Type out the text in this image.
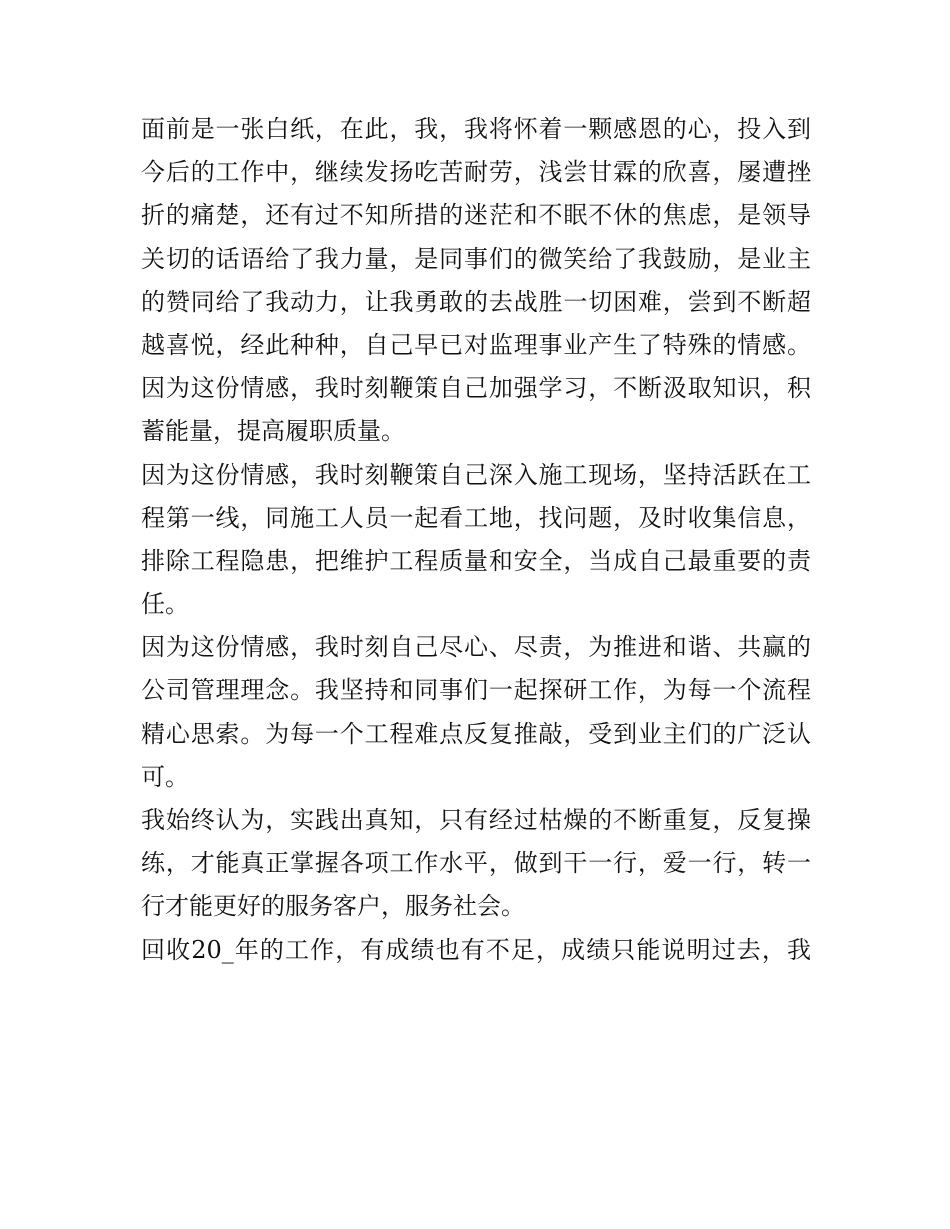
面前是一张白纸，在此，我，我将怀着一颗感恩的心，投入到
今后的工作中，继续发扬吃苦耐劳，浅尝甘霖的欣喜，屡遭挫
折的痛楚，还有过不知所措的迷茫和不眠不休的焦虑，是领导
关切的话语给了我力量，是同事们的微笑给了我鼓励，是业主
的赞同给了我动力，让我勇敢的去战胜一切困难，尝到不断超
越喜悦，经此种种，自己早已对监理事业产生了特殊的情感。
因为这份情感，我时刻鞭策自己加强学习，不断汲取知识，积
蓄能量，提高履职质量。
因为这份情感，我时刻鞭策自己深入施工现场，坚持活跃在工
程第一线，同施工人员一起看工地，找问题，及时收集信息，
排除工程隐患，把维护工程质量和安全，当成自己最重要的责
任。
因为这份情感，我时刻自己尽心、尽责，为推进和谐、共赢的
公司管理理念。我坚持和同事们一起探研工作，为每一个流程
精心思索。为每一个工程难点反复推敲，受到业主们的广泛认
可。
我始终认为，实践出真知，只有经过枯燥的不断重复，反复操
练，才能真正掌握各项工作水平，做到干一行，爱一行，转一
行才能更好的服务客户，服务社会。
回收20_年的工作，有成绩也有不足，成绩只能说明过去，我
